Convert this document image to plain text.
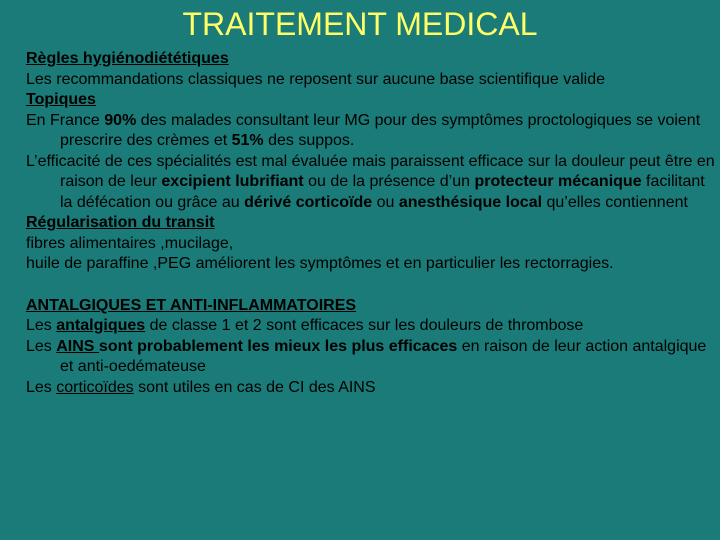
TRAITEMENT MEDICAL
Règles hygiénodiététiques
Les recommandations classiques ne reposent sur aucune base scientifique valide
Topiques
En France 90% des malades consultant leur MG pour des symptômes proctologiques se voient prescrire des crèmes et 51% des suppos.
L’efficacité de ces spécialités est mal évaluée mais paraissent efficace sur la douleur peut être en raison de leur excipient lubrifiant ou de la présence d’un protecteur mécanique facilitant la défécation ou grâce au dérivé corticoïde ou anesthésique local qu’elles contiennent
Régularisation du transit
fibres alimentaires ,mucilage,
huile de paraffine ,PEG améliorent les symptômes et en particulier les rectorragies.
ANTALGIQUES ET ANTI-INFLAMMATOIRES
Les antalgiques de classe 1 et 2 sont efficaces sur les douleurs de thrombose
Les AINS sont probablement les mieux les plus efficaces en raison de leur action antalgique et anti-oedémateuse
Les corticoïdes sont utiles en cas de CI des AINS
